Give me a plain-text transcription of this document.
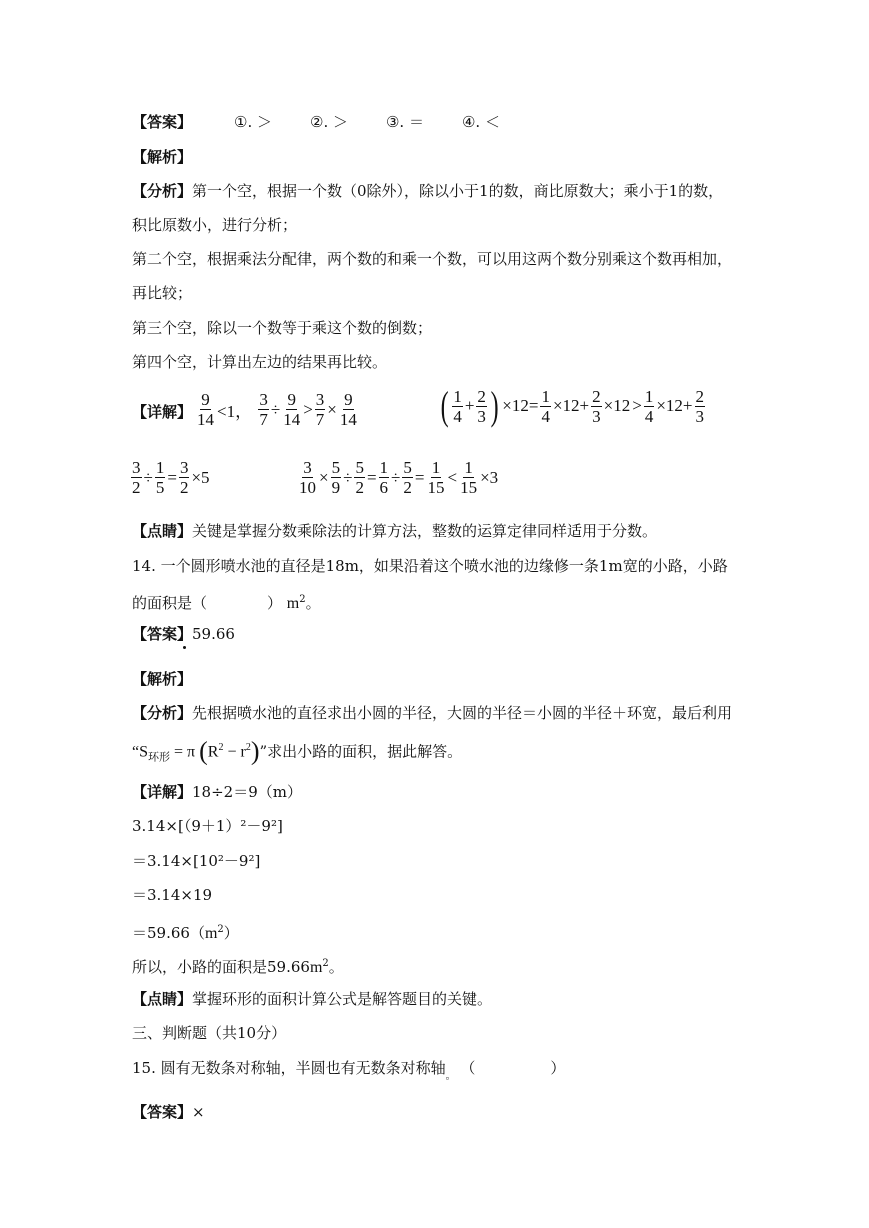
【答案】	①. ＞	②. ＞	③. ＝	④. ＜
【解析】
【分析】第一个空，根据一个数（0除外），除以小于1的数，商比原数大；乘小于1的数，
积比原数小，进行分析；
第二个空，根据乘法分配律，两个数的和乘一个数，可以用这两个数分别乘这个数再相加，
再比较；
第三个空，除以一个数等于乘这个数的倒数；
第四个空，计算出左边的结果再比较。
【详解】 $\frac{9}{14} <1$， $\frac{3}{7} \div \frac{9}{14} > \frac{3}{7} \times \frac{9}{14}$ ( $\frac{1}{4} + \frac{2}{3}$ ) $\times 12= \frac{1}{4} \times 12+ \frac{2}{3} \times 12 > \frac{1}{4} \times 12+ \frac{2}{3}$
$\frac{3}{2} \div \frac{1}{5} = \frac{3}{2} \times 5$	$\frac{3}{10} \times \frac{5}{9} \div \frac{5}{2} = \frac{1}{6} \div \frac{5}{2} = \frac{1}{15} < \frac{1}{15} \times 3$
【点睛】关键是掌握分数乘除法的计算方法，整数的运算定律同样适用于分数。
14. 一个圆形喷水池的直径是18m，如果沿着这个喷水池的边缘修一条1m宽的小路，小路
的面积是（　　　　） $m^2$。
【答案】59.66
【解析】
【分析】先根据喷水池的直径求出小圆的半径，大圆的半径＝小圆的半径＋环宽，最后利用
“$S_{环形} = \pi$ $(R^2 - r^2)$”求出小路的面积，据此解答。
【详解】18÷2＝9（m）
3.14×[（9＋1）²－9²]
＝3.14×[10²－9²]
＝3.14×19
$=59.66(m^2)$
所以，小路的面积是$59.66m^2$。
【点睛】掌握环形的面积计算公式是解答题目的关键。
三、判断题（共10分）
15. 圆有无数条对称轴，半圆也有无数条对称轴$_。$ （　　　　　）
【答案】×
